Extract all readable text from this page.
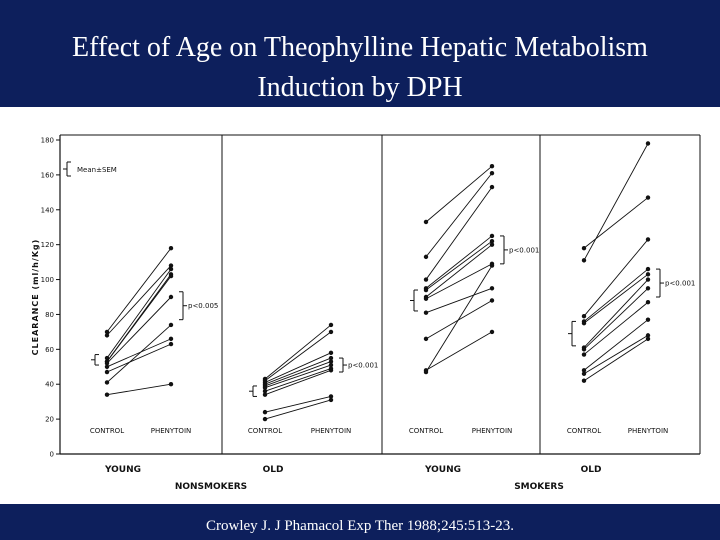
Effect of Age on Theophylline Hepatic Metabolism
Induction by DPH
0
20
40
60
80
100
120
140
160
180
CLEARANCE (ml/h/Kg)
Mean±SEM
p<0.005
CONTROL	PHENYTOIN
YOUNG
p<0.001
CONTROL	PHENYTOIN
OLD
p<0.001
CONTROL	PHENYTOIN
YOUNG
p<0.001
CONTROL	PHENYTOIN
OLD
NONSMOKERS	SMOKERS
Crowley J. J Phamacol Exp Ther 1988;245:513-23.
